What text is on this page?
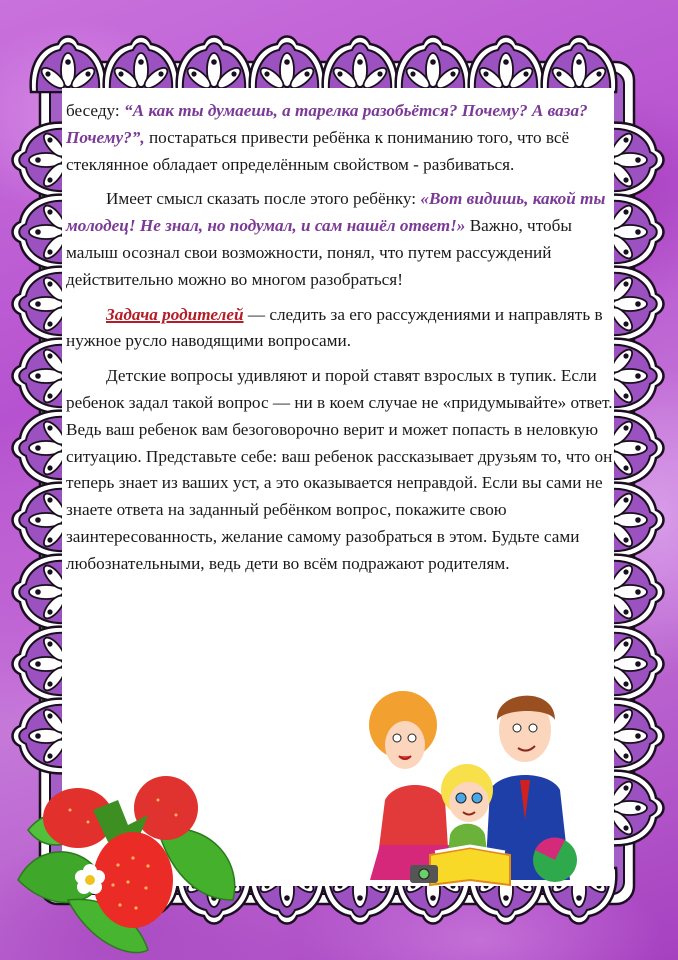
беседу: “А как ты думаешь, а тарелка разобьётся? Почему? А ваза? Почему?”, постараться привести ребёнка к пониманию того, что всё стеклянное обладает определённым свойством - разбиваться.

Имеет смысл сказать после этого ребёнку: «Вот видишь, какой ты молодец! Не знал, но подумал, и сам нашёл ответ!» Важно, чтобы малыш осознал свои возможности, понял, что путем рассуждений действительно можно во многом разобраться!

Задача родителей — следить за его рассуждениями и направлять в нужное русло наводящими вопросами.

Детские вопросы удивляют и порой ставят взрослых в тупик. Если ребенок задал такой вопрос — ни в коем случае не «придумывайте» ответ. Ведь ваш ребенок вам безоговорочно верит и может попасть в неловкую ситуацию. Представьте себе: ваш ребенок рассказывает друзьям то, что он теперь знает из ваших уст, а это оказывается неправдой. Если вы сами не знаете ответа на заданный ребёнком вопрос, покажите свою заинтересованность, желание самому разобраться в этом. Будьте сами любознательными, ведь дети во всём подражают родителям.
